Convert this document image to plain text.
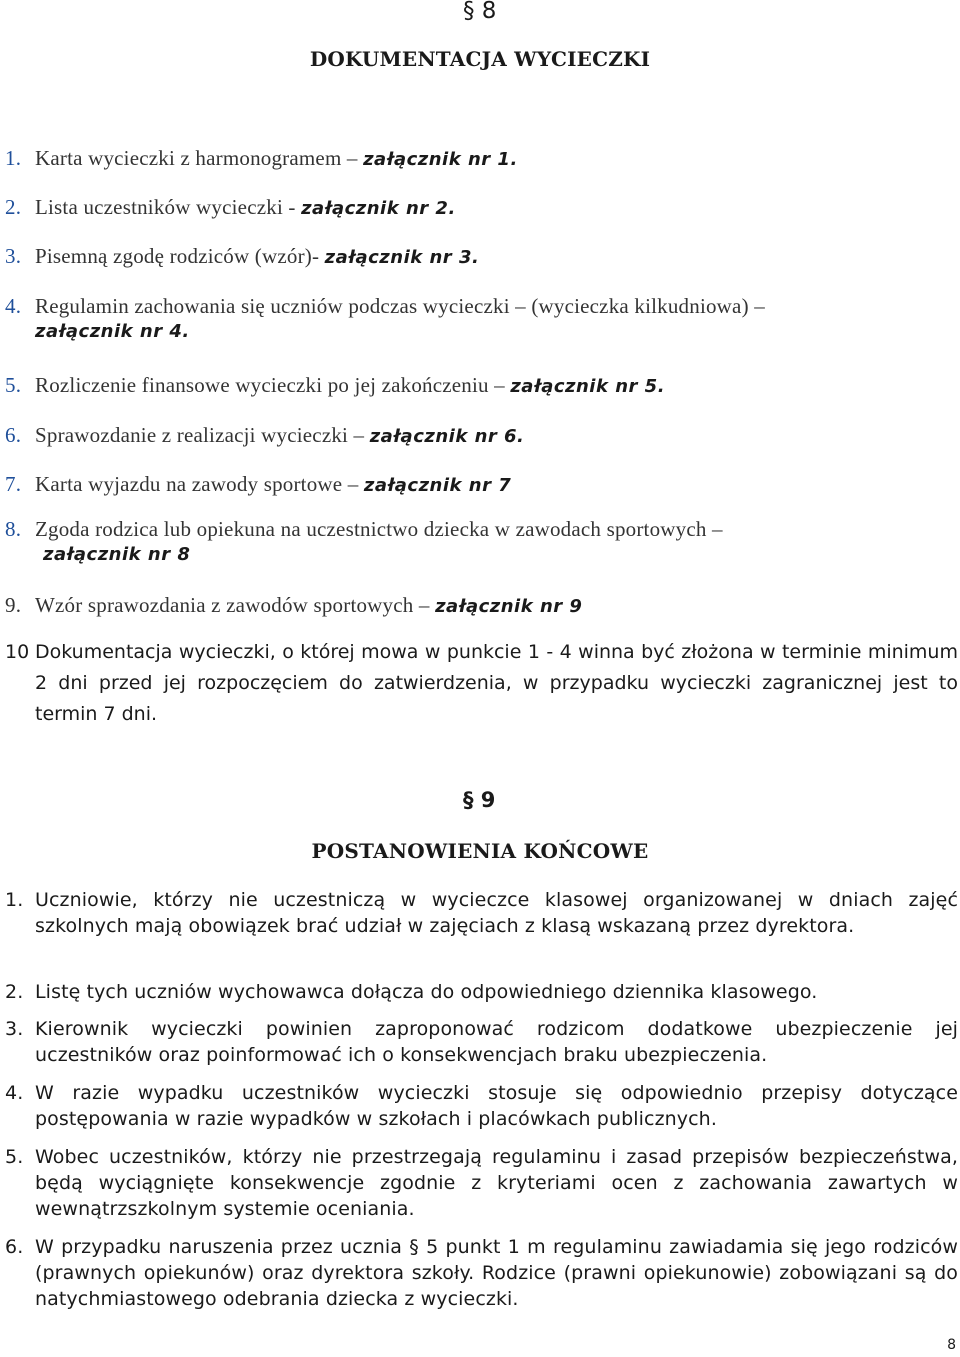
§ 8
DOKUMENTACJA WYCIECZKI
1. Karta wycieczki z harmonogramem – załącznik nr 1.
2. Lista uczestników wycieczki - załącznik nr 2.
3. Pisemną zgodę rodziców (wzór)- załącznik nr 3.
4. Regulamin zachowania się uczniów podczas wycieczki – (wycieczka kilkudniowa) –
załącznik nr 4.
5. Rozliczenie finansowe wycieczki po jej zakończeniu – załącznik nr 5.
6. Sprawozdanie z realizacji wycieczki – załącznik nr 6.
7. Karta wyjazdu na zawody sportowe – załącznik nr 7
8. Zgoda rodzica lub opiekuna na uczestnictwo dziecka w zawodach sportowych –
załącznik nr 8
9. Wzór sprawozdania z zawodów sportowych – załącznik nr 9
10 Dokumentacja wycieczki, o której mowa w punkcie 1 - 4 winna być złożona w terminie minimum 2 dni przed jej rozpoczęciem do zatwierdzenia, w przypadku wycieczki zagranicznej jest to termin 7 dni.
§ 9
POSTANOWIENIA KOŃCOWE
1. Uczniowie, którzy nie uczestniczą w wycieczce klasowej organizowanej w dniach zajęć szkolnych mają obowiązek brać udział w zajęciach z klasą wskazaną przez dyrektora.
2. Listę tych uczniów wychowawca dołącza do odpowiedniego dziennika klasowego.
3. Kierownik wycieczki powinien zaproponować rodzicom dodatkowe ubezpieczenie jej uczestników oraz poinformować ich o konsekwencjach braku ubezpieczenia.
4. W razie wypadku uczestników wycieczki stosuje się odpowiednio przepisy dotyczące postępowania w razie wypadków w szkołach i placówkach publicznych.
5. Wobec uczestników, którzy nie przestrzegają regulaminu i zasad przepisów bezpieczeństwa, będą wyciągnięte konsekwencje zgodnie z kryteriami ocen z zachowania zawartych w wewnątrzszkolnym systemie oceniania.
6. W przypadku naruszenia przez ucznia § 5 punkt 1 m regulaminu zawiadamia się jego rodziców (prawnych opiekunów) oraz dyrektora szkoły. Rodzice (prawni opiekunowie) zobowiązani są do natychmiastowego odebrania dziecka z wycieczki.
8
